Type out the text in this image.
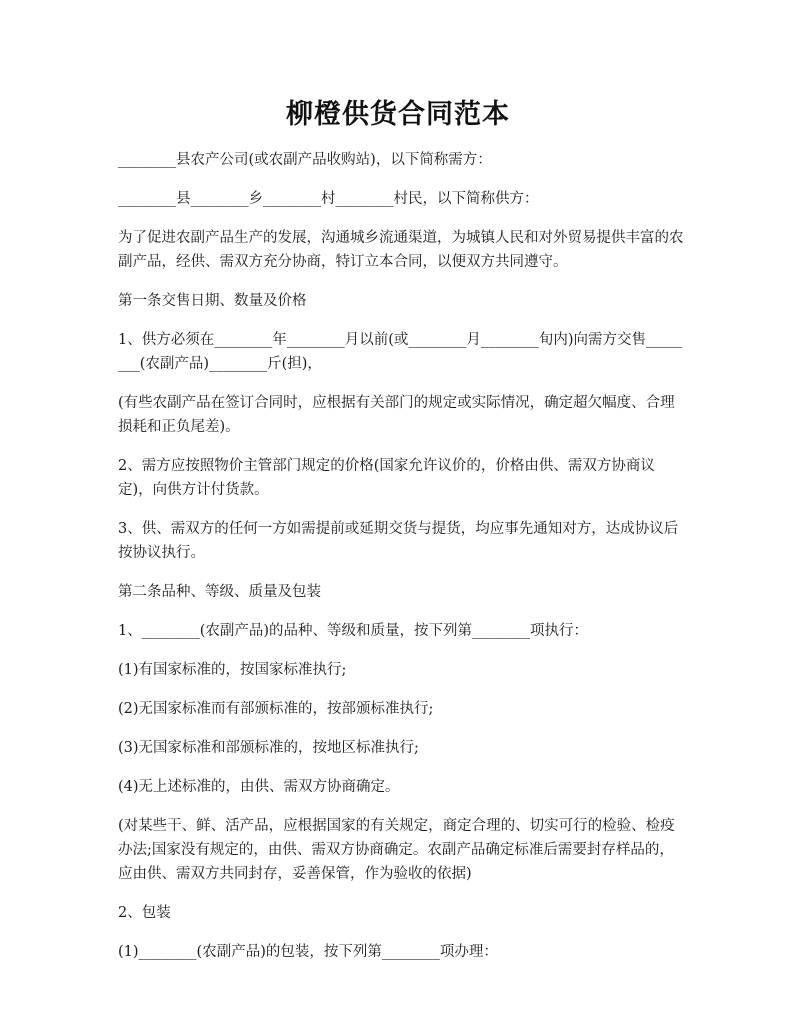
柳橙供货合同范本

________县农产公司(或农副产品收购站)，以下简称需方：

________县________乡________村________村民，以下简称供方：

为了促进农副产品生产的发展，沟通城乡流通渠道，为城镇人民和对外贸易提供丰富的农副产品，经供、需双方充分协商，特订立本合同，以便双方共同遵守。

第一条交售日期、数量及价格

1、供方必须在________年________月以前(或________月________旬内)向需方交售________(农副产品)________斤(担)，

(有些农副产品在签订合同时，应根据有关部门的规定或实际情况，确定超欠幅度、合理损耗和正负尾差)。

2、需方应按照物价主管部门规定的价格(国家允许议价的，价格由供、需双方协商议定)，向供方计付货款。

3、供、需双方的任何一方如需提前或延期交货与提货，均应事先通知对方，达成协议后按协议执行。

第二条品种、等级、质量及包装

1、________(农副产品)的品种、等级和质量，按下列第________项执行：

(1)有国家标准的，按国家标准执行;

(2)无国家标准而有部颁标准的，按部颁标准执行;

(3)无国家标准和部颁标准的，按地区标准执行;

(4)无上述标准的，由供、需双方协商确定。

(对某些干、鲜、活产品，应根据国家的有关规定，商定合理的、切实可行的检验、检疫办法;国家没有规定的，由供、需双方协商确定。农副产品确定标准后需要封存样品的，应由供、需双方共同封存，妥善保管，作为验收的依据)

2、包装

(1)________(农副产品)的包装，按下列第________项办理：
